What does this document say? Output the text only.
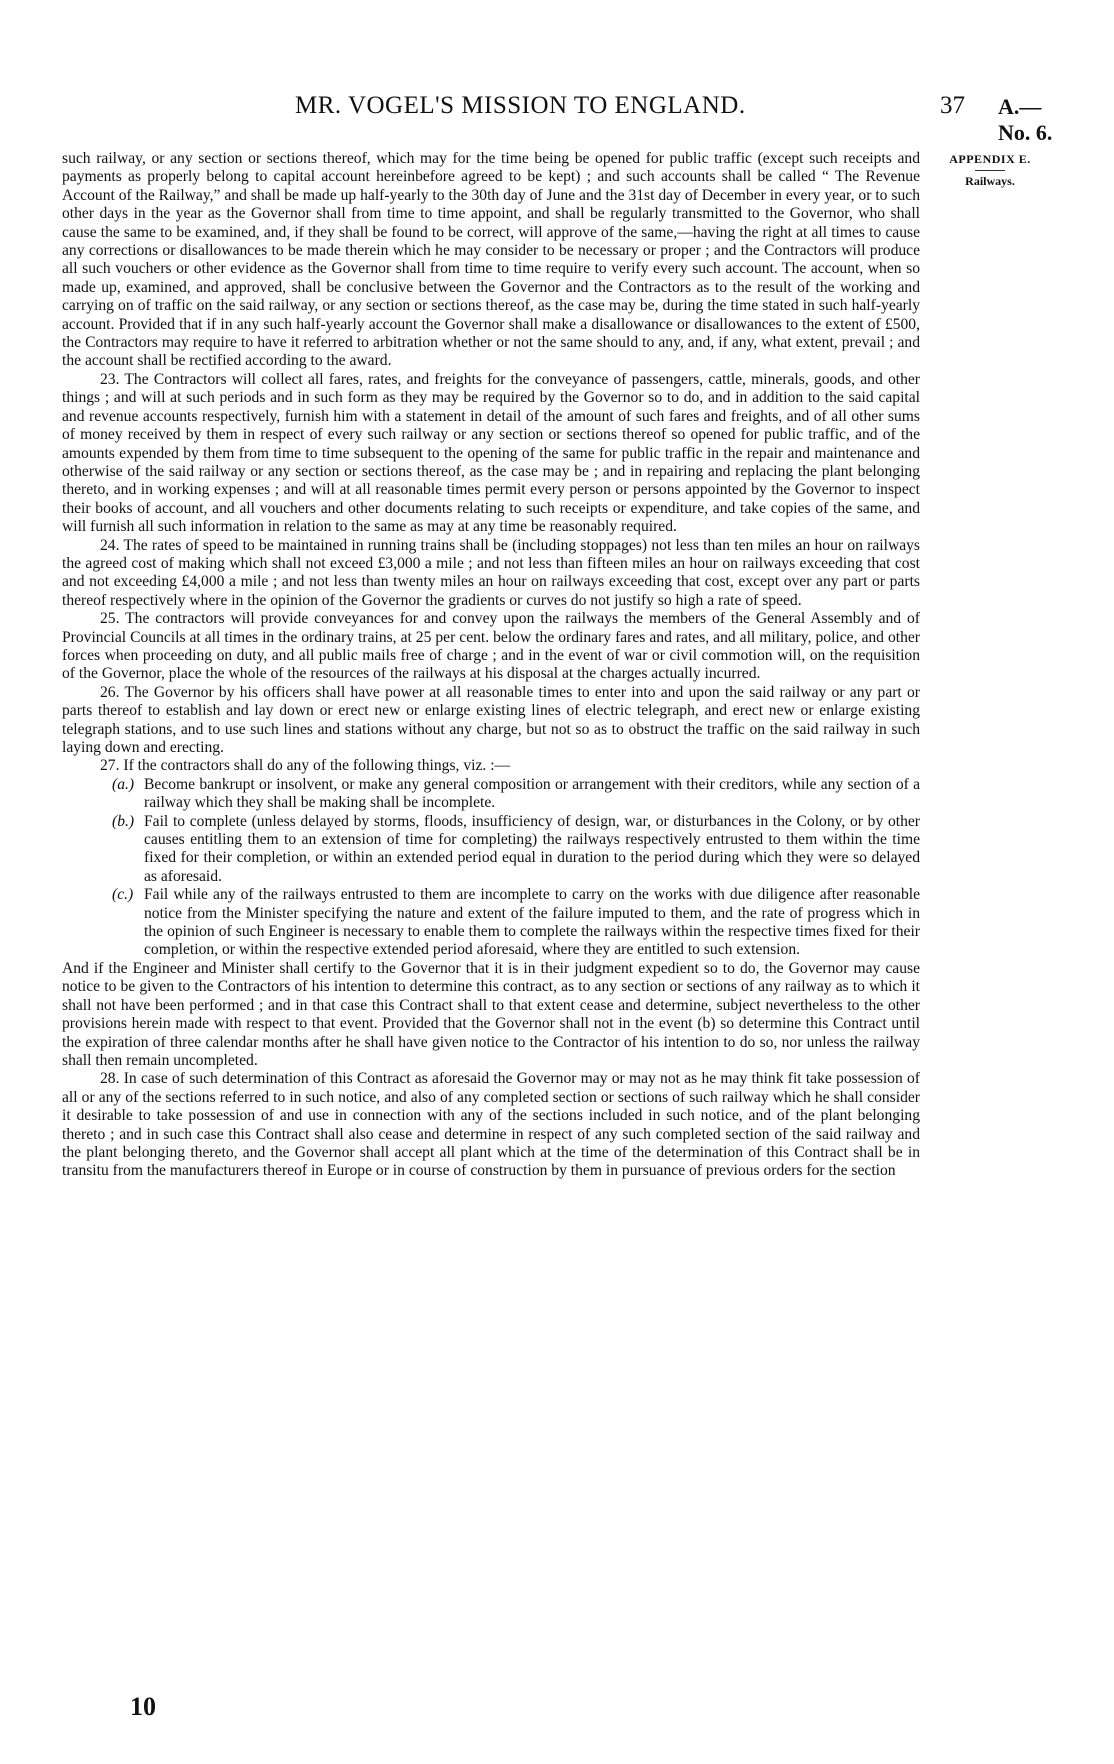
MR. VOGEL'S MISSION TO ENGLAND.	37 A.—No. 6.
APPENDIX E.
Railways.

such railway, or any section or sections thereof, which may for the time being be opened for public traffic (except such receipts and payments as properly belong to capital account hereinbefore agreed to be kept) ; and such accounts shall be called “ The Revenue Account of the Railway,” and shall be made up half-yearly to the 30th day of June and the 31st day of December in every year, or to such other days in the year as the Governor shall from time to time appoint, and shall be regularly transmitted to the Governor, who shall cause the same to be examined, and, if they shall be found to be correct, will approve of the same,—having the right at all times to cause any corrections or disallowances to be made therein which he may consider to be necessary or proper ; and the Contractors will produce all such vouchers or other evidence as the Governor shall from time to time require to verify every such account. The account, when so made up, examined, and approved, shall be conclusive between the Governor and the Contractors as to the result of the working and carrying on of traffic on the said railway, or any section or sections thereof, as the case may be, during the time stated in such half-yearly account. Provided that if in any such half-yearly account the Governor shall make a disallowance or disallowances to the extent of £500, the Contractors may require to have it referred to arbitration whether or not the same should to any, and, if any, what extent, prevail ; and the account shall be rectified according to the award.

23. The Contractors will collect all fares, rates, and freights for the conveyance of passengers, cattle, minerals, goods, and other things ; and will at such periods and in such form as they may be required by the Governor so to do, and in addition to the said capital and revenue accounts respectively, furnish him with a statement in detail of the amount of such fares and freights, and of all other sums of money received by them in respect of every such railway or any section or sections thereof so opened for public traffic, and of the amounts expended by them from time to time subsequent to the opening of the same for public traffic in the repair and maintenance and otherwise of the said railway or any section or sections thereof, as the case may be ; and in repairing and replacing the plant belonging thereto, and in working expenses ; and will at all reasonable times permit every person or persons appointed by the Governor to inspect their books of account, and all vouchers and other documents relating to such receipts or expenditure, and take copies of the same, and will furnish all such information in relation to the same as may at any time be reasonably required.

24. The rates of speed to be maintained in running trains shall be (including stoppages) not less than ten miles an hour on railways the agreed cost of making which shall not exceed £3,000 a mile ; and not less than fifteen miles an hour on railways exceeding that cost and not exceeding £4,000 a mile ; and not less than twenty miles an hour on railways exceeding that cost, except over any part or parts thereof respectively where in the opinion of the Governor the gradients or curves do not justify so high a rate of speed.

25. The contractors will provide conveyances for and convey upon the railways the members of the General Assembly and of Provincial Councils at all times in the ordinary trains, at 25 per cent. below the ordinary fares and rates, and all military, police, and other forces when proceeding on duty, and all public mails free of charge ; and in the event of war or civil commotion will, on the requisition of the Governor, place the whole of the resources of the railways at his disposal at the charges actually incurred.

26. The Governor by his officers shall have power at all reasonable times to enter into and upon the said railway or any part or parts thereof to establish and lay down or erect new or enlarge existing lines of electric telegraph, and erect new or enlarge existing telegraph stations, and to use such lines and stations without any charge, but not so as to obstruct the traffic on the said railway in such laying down and erecting.

27. If the contractors shall do any of the following things, viz. :—

(a.) Become bankrupt or insolvent, or make any general composition or arrangement with their creditors, while any section of a railway which they shall be making shall be incomplete.

(b.) Fail to complete (unless delayed by storms, floods, insufficiency of design, war, or disturbances in the Colony, or by other causes entitling them to an extension of time for completing) the railways respectively entrusted to them within the time fixed for their completion, or within an extended period equal in duration to the period during which they were so delayed as aforesaid.

(c.) Fail while any of the railways entrusted to them are incomplete to carry on the works with due diligence after reasonable notice from the Minister specifying the nature and extent of the failure imputed to them, and the rate of progress which in the opinion of such Engineer is necessary to enable them to complete the railways within the respective times fixed for their completion, or within the respective extended period aforesaid, where they are entitled to such extension.

And if the Engineer and Minister shall certify to the Governor that it is in their judgment expedient so to do, the Governor may cause notice to be given to the Contractors of his intention to determine this contract, as to any section or sections of any railway as to which it shall not have been performed ; and in that case this Contract shall to that extent cease and determine, subject nevertheless to the other provisions herein made with respect to that event. Provided that the Governor shall not in the event (b) so determine this Contract until the expiration of three calendar months after he shall have given notice to the Contractor of his intention to do so, nor unless the railway shall then remain uncompleted.

28. In case of such determination of this Contract as aforesaid the Governor may or may not as he may think fit take possession of all or any of the sections referred to in such notice, and also of any completed section or sections of such railway which he shall consider it desirable to take possession of and use in connection with any of the sections included in such notice, and of the plant belonging thereto ; and in such case this Contract shall also cease and determine in respect of any such completed section of the said railway and the plant belonging thereto, and the Governor shall accept all plant which at the time of the determination of this Contract shall be in transitu from the manufacturers thereof in Europe or in course of construction by them in pursuance of previous orders for the section

10
